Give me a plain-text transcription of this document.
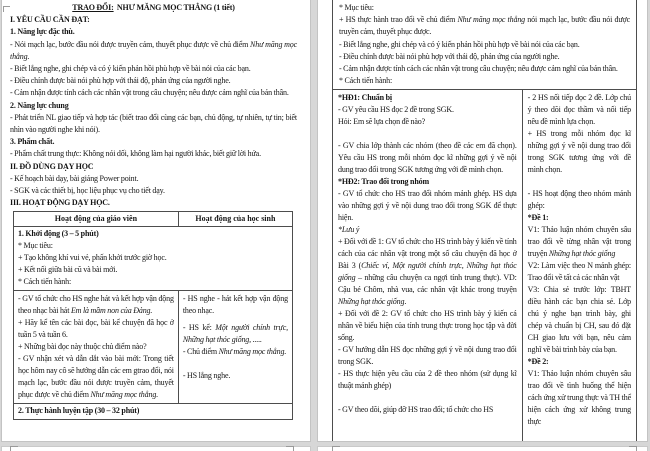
TRAO ĐỔI:  NHƯ MĂNG MỌC THẲNG (1 tiết)
I. YÊU CẦU CẦN ĐẠT:
1. Năng lực đặc thù.
- Nói mạch lạc, bước đầu nói được truyền cảm, thuyết phục được về chủ điểm Như măng mọc thẳng.
- Biết lắng nghe, ghi chép và có ý kiến phản hồi phù hợp về bài nói của các bạn.
- Điều chỉnh được bài nói phù hợp với thái độ, phản ứng của người nghe.
- Cảm nhận được tính cách các nhân vật trong câu chuyện; nêu được cảm nghĩ của bản thân.
2. Năng lực chung
- Phát triển NL giao tiếp và hợp tác (biết trao đổi cùng các bạn, chủ động, tự nhiên, tự tin; biết nhìn vào người nghe khi nói).
3. Phẩm chất.
- Phẩm chất trung thực: Không nói dối, không làm hại người khác, biết giữ lời hứa.
II. ĐỒ DÙNG DẠY HỌC
- Kế hoạch bài dạy, bài giảng Power point.
- SGK và các thiết bị, học liệu phục vụ cho tiết dạy.
III. HOẠT ĐỘNG DẠY HỌC.
Hoạt động của giáo viên	Hoạt động của học sinh
1. Khởi động (3 – 5 phút)
* Mục tiêu:
+ Tạo không khí vui vẻ, phấn khởi trước giờ học.
+ Kết nối giữa bài cũ và bài mới.
* Cách tiến hành:
- GV tổ chức cho HS nghe hát và kết hợp vận động theo nhạc bài hát Em là mầm non của Đảng.
+ Hãy kể tên các bài đọc, bài kể chuyện đã học ở tuần 5 và tuần 6.
+ Những bài đọc này thuộc chủ điểm nào?
- GV nhận xét và dẫn dắt vào bài mới: Trong tiết học hôm nay cô sẽ hướng dẫn các em gtrao đổi, nói mạch lạc, bước đầu nói được truyền cảm, thuyết phục được về chủ điểm Như măng mọc thẳng.
- HS nghe - hát kết hợp vận động theo nhạc.
- HS kể: Một người chính trực, Những hạt thóc giống, .....
- Chủ điểm Như măng mọc thẳng.
- HS lắng nghe.
2. Thực hành luyện tập (30 – 32 phút)
* Mục tiêu:
+ HS thực hành trao đổi về chủ điểm Như măng mọc thẳng nói mạch lạc, bước đầu nói được truyền cảm, thuyết phục được.
- Biết lắng nghe, ghi chép và có ý kiến phản hồi phù hợp về bài nói của các bạn.
- Điều chỉnh được bài nói phù hợp với thái độ, phản ứng của người nghe.
- Cảm nhận được tính cách các nhân vật trong câu chuyện; nêu được cảm nghĩ của bản thân.
* Cách tiến hành:
*HĐ1: Chuẩn bị
- GV yêu cầu HS đọc 2 đề trong SGK.
Hỏi: Em sẽ lựa chọn đề nào?

- GV chia lớp thành các nhóm (theo đề các em đã chọn). Yêu cầu HS trong mỗi nhóm đọc kĩ những gợi ý về nội dung trao đổi trong SGK tương ứng với đề mình chọn.
*HĐ2: Trao đổi trong nhóm
- GV tổ chức cho HS trao đổi nhóm mảnh ghép. HS dựa vào những gợi ý về nội dung trao đổi trong SGK để thực hiện.
*Lưu ý
+ Đối với đề 1: GV tổ chức cho HS trình bày ý kiến về tính cách của các nhân vật trong một số câu chuyện đã học ở Bài 3 (Chiếc ví, Một người chính trực, Những hạt thóc giống – những câu chuyện ca ngợi tính trung thực). VD: Cậu bé Chôm, nhà vua, các nhân vật khác trong truyện Những hạt thóc giống.
+ Đối với đề 2: GV tổ chức cho HS trình bày ý kiến cá nhân về biểu hiện của tính trung thực trong học tập và đời sống.
- GV hướng dẫn HS đọc những gợi ý về nội dung trao đổi trong SGK.
- HS thực hiện yêu cầu của 2 đề theo nhóm (sử dụng kĩ thuật mảnh ghép)

- GV theo dõi, giúp đỡ HS trao đổi; tổ chức cho HS
- 2 HS nối tiếp đọc 2 đề. Lớp chú ý theo dõi đọc thầm và nối tiếp nêu đề mình lựa chọn.
+ HS trong mỗi nhóm đọc kĩ những gợi ý về nội dung trao đổi trong SGK tương ứng với đề mình chọn.

- HS hoạt động theo nhóm mảnh ghép:
*Đề 1:
V1: Thảo luận nhóm chuyên sâu trao đổi về từng nhân vật trong truyện Những hạt thóc giống
V2: Làm việc theo N mảnh ghép: Trao đổi về tất cả các nhân vật
V3: Chia sẻ trước lớp: TBHT điều hành các bạn chia sẻ. Lớp chú ý nghe bạn trình bày, ghi chép và chuẩn bị CH, sau đó đặt CH giao lưu với bạn, nêu cảm nghĩ về bài trình bày của bạn.
*Đề 2:
V1: Thảo luận nhóm chuyên sâu trao đổi về tình huống thể hiện cách ứng xử trung thực và TH thể hiện cách ứng xử không trung thực
